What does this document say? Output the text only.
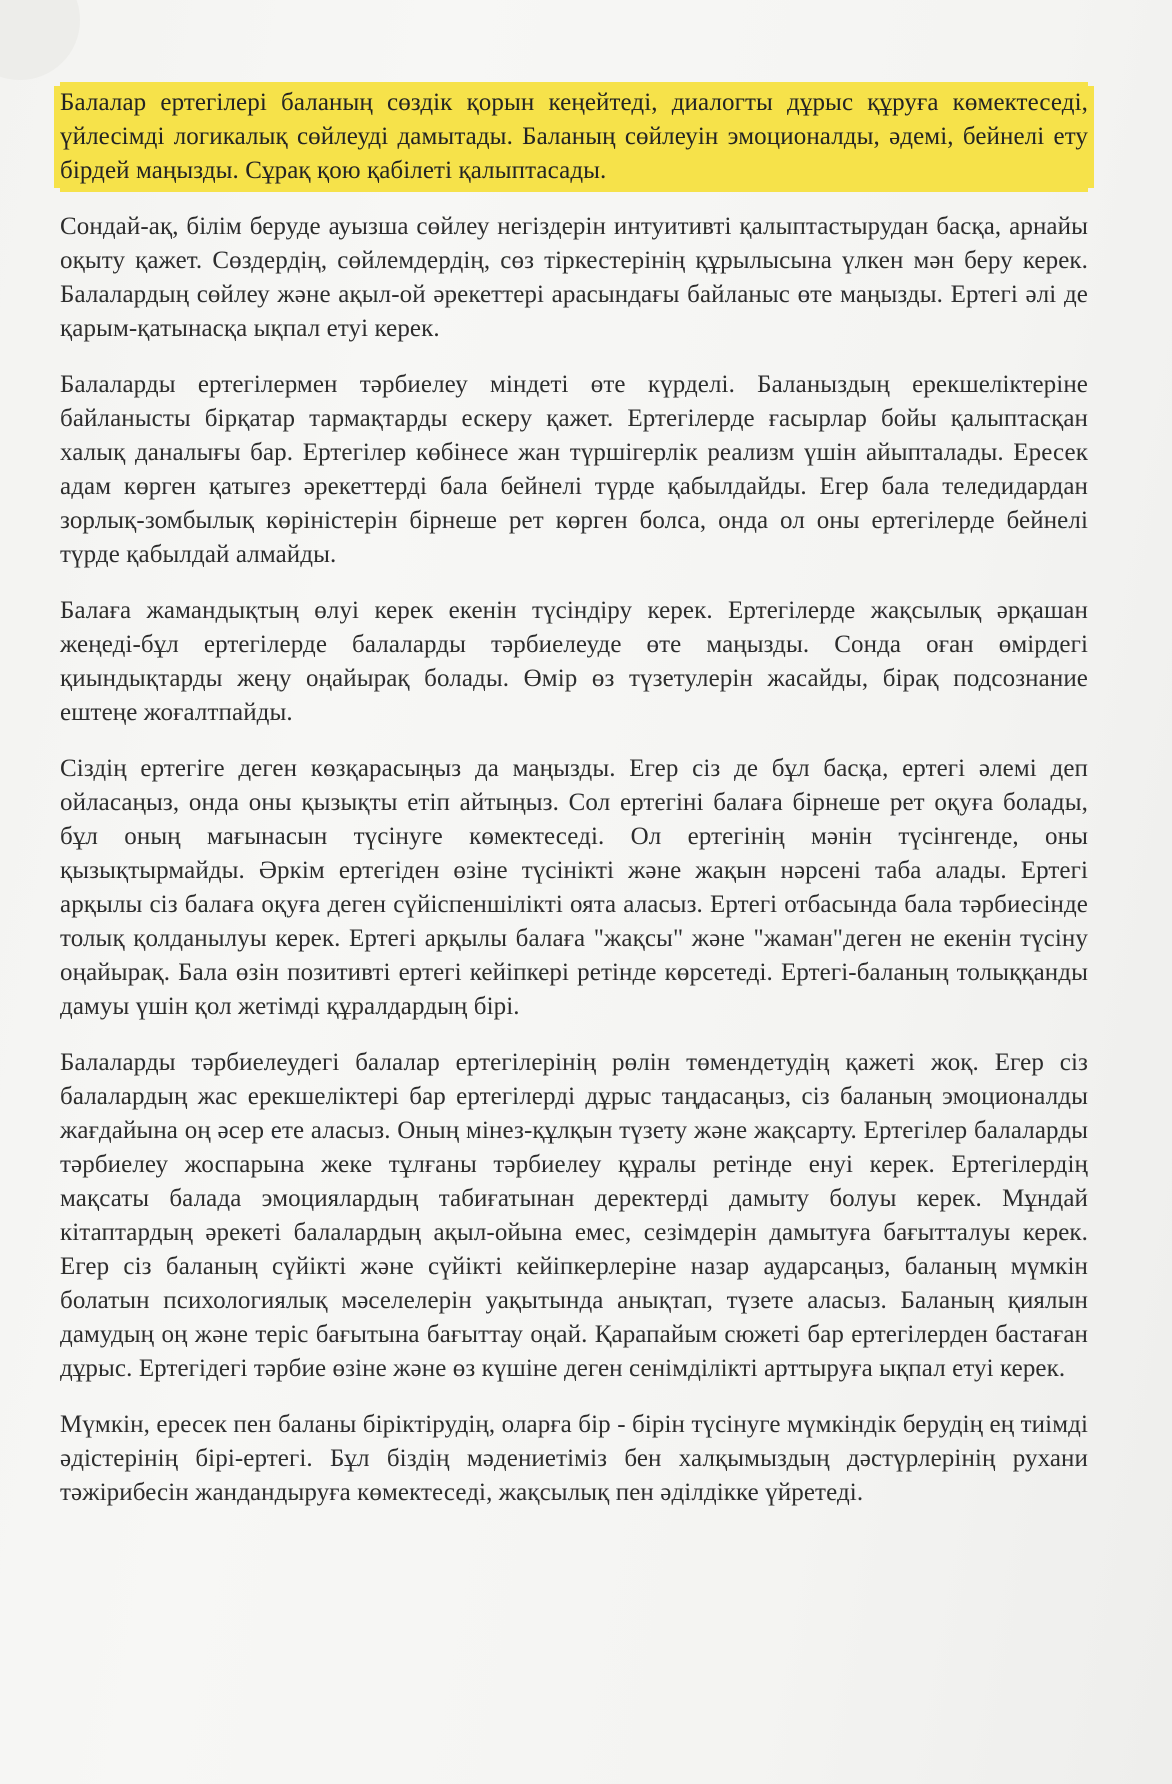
Балалар ертегілері баланың сөздік қорын кеңейтеді, диалогты дұрыс құруға көмектеседі, үйлесімді логикалық сөйлеуді дамытады. Баланың сөйлеуін эмоционалды, әдемі, бейнелі ету бірдей маңызды. Сұрақ қою қабілеті қалыптасады.

Сондай-ақ, білім беруде ауызша сөйлеу негіздерін интуитивті қалыптастырудан басқа, арнайы оқыту қажет. Сөздердің, сөйлемдердің, сөз тіркестерінің құрылысына үлкен мән беру керек. Балалардың сөйлеу және ақыл-ой әрекеттері арасындағы байланыс өте маңызды. Ертегі әлі де қарым-қатынасқа ықпал етуі керек.

Балаларды ертегілермен тәрбиелеу міндеті өте күрделі. Баланыздың ерекшеліктеріне байланысты бірқатар тармақтарды ескеру қажет. Ертегілерде ғасырлар бойы қалыптасқан халық даналығы бар. Ертегілер көбінесе жан түршігерлік реализм үшін айыпталады. Ересек адам көрген қатыгез әрекеттерді бала бейнелі түрде қабылдайды. Егер бала теледидардан зорлық-зомбылық көріністерін бірнеше рет көрген болса, онда ол оны ертегілерде бейнелі түрде қабылдай алмайды.

Балаға жамандықтың өлуі керек екенін түсіндіру керек. Ертегілерде жақсылық әрқашан жеңеді-бұл ертегілерде балаларды тәрбиелеуде өте маңызды. Сонда оған өмірдегі қиындықтарды жеңу оңайырақ болады. Өмір өз түзетулерін жасайды, бірақ подсознание ештеңе жоғалтпайды.

Сіздің ертегіге деген көзқарасыңыз да маңызды. Егер сіз де бұл басқа, ертегі әлемі деп ойласаңыз, онда оны қызықты етіп айтыңыз. Сол ертегіні балаға бірнеше рет оқуға болады, бұл оның мағынасын түсінуге көмектеседі. Ол ертегінің мәнін түсінгенде, оны қызықтырмайды. Әркім ертегіден өзіне түсінікті және жақын нәрсені таба алады. Ертегі арқылы сіз балаға оқуға деген сүйіспеншілікті оята аласыз. Ертегі отбасында бала тәрбиесінде толық қолданылуы керек. Ертегі арқылы балаға "жақсы" және "жаман"деген не екенін түсіну оңайырақ. Бала өзін позитивті ертегі кейіпкері ретінде көрсетеді. Ертегі-баланың толыққанды дамуы үшін қол жетімді құралдардың бірі.

Балаларды тәрбиелеудегі балалар ертегілерінің рөлін төмендетудің қажеті жоқ. Егер сіз балалардың жас ерекшеліктері бар ертегілерді дұрыс таңдасаңыз, сіз баланың эмоционалды жағдайына оң әсер ете аласыз. Оның мінез-құлқын түзету және жақсарту. Ертегілер балаларды тәрбиелеу жоспарына жеке тұлғаны тәрбиелеу құралы ретінде енуі керек. Ертегілердің мақсаты балада эмоциялардың табиғатынан деректерді дамыту болуы керек. Мұндай кітаптардың әрекеті балалардың ақыл-ойына емес, сезімдерін дамытуға бағытталуы керек. Егер сіз баланың сүйікті және сүйікті кейіпкерлеріне назар аударсаңыз, баланың мүмкін болатын психологиялық мәселелерін уақытында анықтап, түзете аласыз. Баланың қиялын дамудың оң және теріс бағытына бағыттау оңай. Қарапайым сюжеті бар ертегілерден бастаған дұрыс. Ертегідегі тәрбие өзіне және өз күшіне деген сенімділікті арттыруға ықпал етуі керек.

Мүмкін, ересек пен баланы біріктірудің, оларға бір - бірін түсінуге мүмкіндік берудің ең тиімді әдістерінің бірі-ертегі. Бұл біздің мәдениетіміз бен халқымыздың дәстүрлерінің рухани тәжірибесін жандандыруға көмектеседі, жақсылық пен әділдікке үйретеді.
